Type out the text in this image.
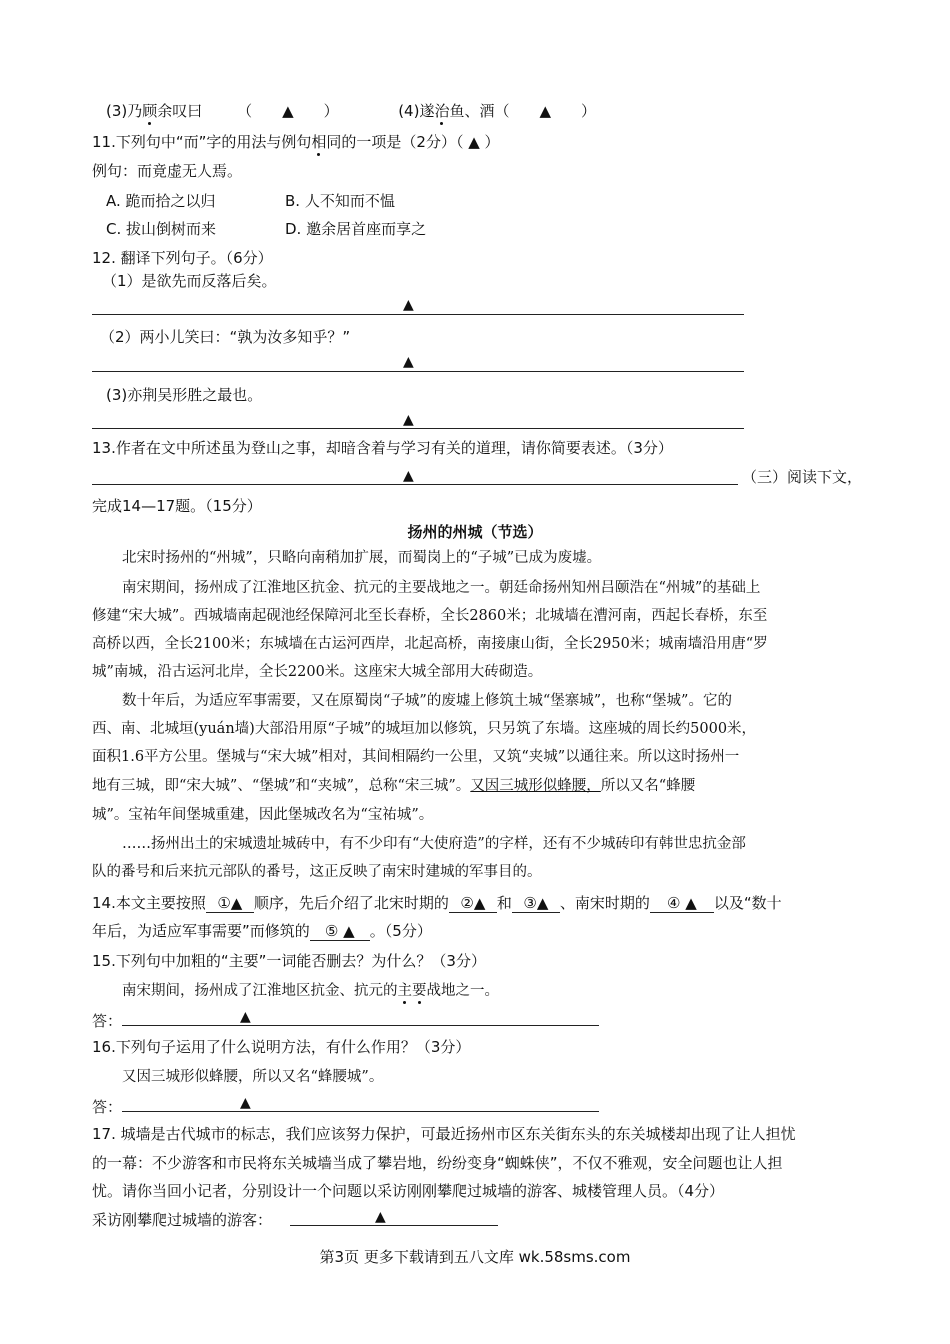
(3)乃顾余叹曰 （　　▲　　）	(4)遂治鱼、酒（　　▲　　）
11.下列句中“而”字的用法与例句相同的一项是（2分）（ ▲ ）
例句：而竟虚无人焉。
A. 跪而拾之以归	B. 人不知而不愠
C. 拔山倒树而来	D. 邀余居首座而享之
12. 翻译下列句子。（6分）
（1）是欲先而反落后矣。
▲
（2）两小儿笑曰：“孰为汝多知乎？”
▲
(3)亦荆吴形胜之最也。
▲
13.作者在文中所述虽为登山之事，却暗含着与学习有关的道理，请你简要表述。（3分）
▲	（三）阅读下文，
完成14—17题。（15分）
扬州的州城（节选）
北宋时扬州的“州城”，只略向南稍加扩展，而蜀岗上的“子城”已成为废墟。
南宋期间，扬州成了江淮地区抗金、抗元的主要战地之一。朝廷命扬州知州吕颐浩在“州城”的基础上
修建“宋大城”。西城墙南起砚池经保障河北至长春桥，全长2860米；北城墙在漕河南，西起长春桥，东至
高桥以西，全长2100米；东城墙在古运河西岸，北起高桥，南接康山街，全长2950米；城南墙沿用唐“罗
城”南城，沿古运河北岸，全长2200米。这座宋大城全部用大砖砌造。
数十年后，为适应军事需要，又在原蜀岗“子城”的废墟上修筑土城“堡寨城”，也称“堡城”。它的
西、南、北城垣(yuán墙)大部沿用原“子城”的城垣加以修筑，只另筑了东墙。这座城的周长约5000米，
面积1.6平方公里。堡城与“宋大城”相对，其间相隔约一公里，又筑“夹城”以通往来。所以这时扬州一
地有三城，即“宋大城”、“堡城”和“夹城”，总称“宋三城”。又因三城形似蜂腰，所以又名“蜂腰
城”。宝祐年间堡城重建，因此堡城改名为“宝祐城”。
……扬州出土的宋城遗址城砖中，有不少印有“大使府造”的字样，还有不少城砖印有韩世忠抗金部
队的番号和后来抗元部队的番号，这正反映了南宋时建城的军事目的。
14.本文主要按照 ①▲ 顺序，先后介绍了北宋时期的 ②▲ 和 ③▲ 、南宋时期的 ④ ▲ 以及“数十
年后，为适应军事需要”而修筑的 ⑤ ▲ 。（5分）
15.下列句中加粗的“主要”一词能否删去？为什么？（3分）
南宋期间，扬州成了江淮地区抗金、抗元的主要战地之一。
答：	▲
16.下列句子运用了什么说明方法，有什么作用？（3分）
又因三城形似蜂腰，所以又名“蜂腰城”。
答：	▲
17. 城墙是古代城市的标志，我们应该努力保护，可最近扬州市区东关街东头的东关城楼却出现了让人担忧
的一幕：不少游客和市民将东关城墙当成了攀岩地，纷纷变身“蜘蛛侠”，不仅不雅观，安全问题也让人担
忧。请你当回小记者，分别设计一个问题以采访刚刚攀爬过城墙的游客、城楼管理人员。（4分）
采访刚攀爬过城墙的游客：	▲
第3页 更多下载请到五八文库 wk.58sms.com
